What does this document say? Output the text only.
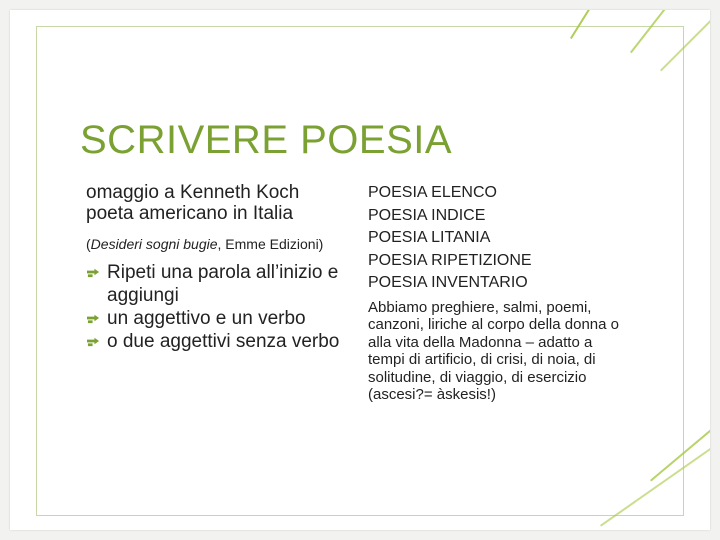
SCRIVERE POESIA

omaggio a Kenneth Koch
poeta americano in Italia

(Desideri sogni bugie, Emme Edizioni)

Ripeti una parola all’inizio e aggiungi
un aggettivo e un verbo
o due aggettivi senza verbo

POESIA ELENCO
POESIA INDICE
POESIA LITANIA
POESIA RIPETIZIONE
POESIA INVENTARIO

Abbiamo preghiere, salmi, poemi, canzoni, liriche al corpo della donna o alla vita della Madonna – adatto a tempi di artificio, di crisi, di noia, di solitudine, di viaggio, di esercizio (ascesi?= àskesis!)
